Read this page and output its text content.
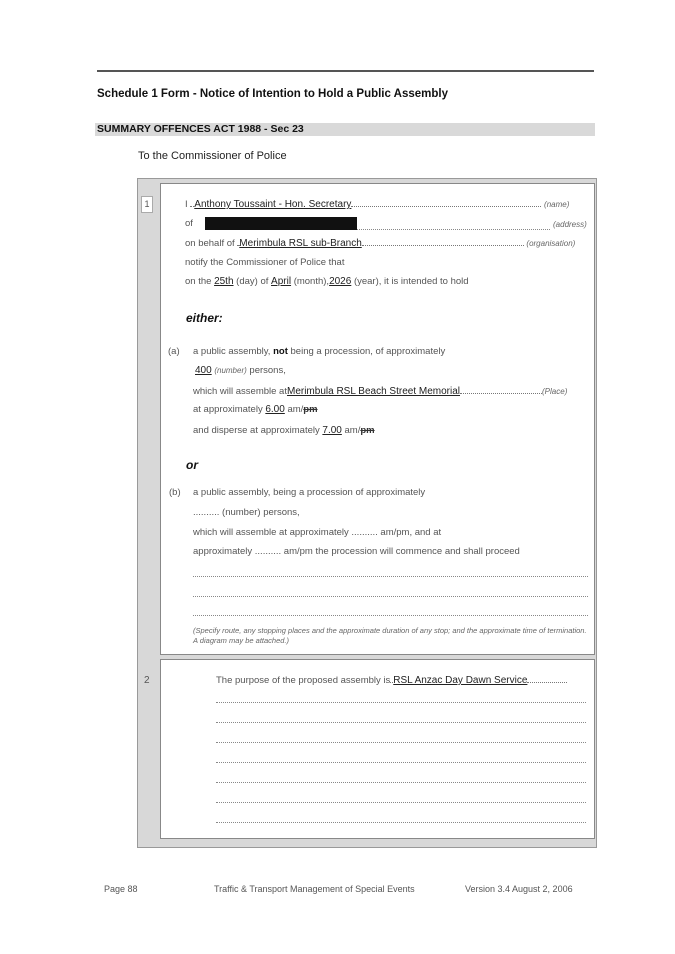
Schedule 1 Form - Notice of Intention to Hold a Public Assembly
SUMMARY OFFENCES ACT 1988 - Sec 23
To the Commissioner of Police
1
2
I Anthony Toussaint - Hon. Secretary	(name)
of	(address)
on behalf of Merimbula RSL sub-Branch	(organisation)
notify the Commissioner of Police that
on the 25th (day) of April (month),2026 (year), it is intended to hold
either:
(a) a public assembly, not being a procession, of approximately
400 (number) persons,
which will assemble atMerimbula RSL Beach Street Memorial	(Place)
at approximately 6.00 am/pm
and disperse at approximately 7.00 am/pm
or
(b) a public assembly, being a procession of approximately
.......... (number) persons,
which will assemble at approximately .......... am/pm, and at
approximately .......... am/pm the procession will commence and shall proceed
(Specify route, any stopping places and the approximate duration of any stop; and the approximate time of termination. A diagram may be attached.)
The purpose of the proposed assembly is RSL Anzac Day Dawn Service
Page 88	Traffic & Transport Management of Special Events	Version 3.4 August 2, 2006
